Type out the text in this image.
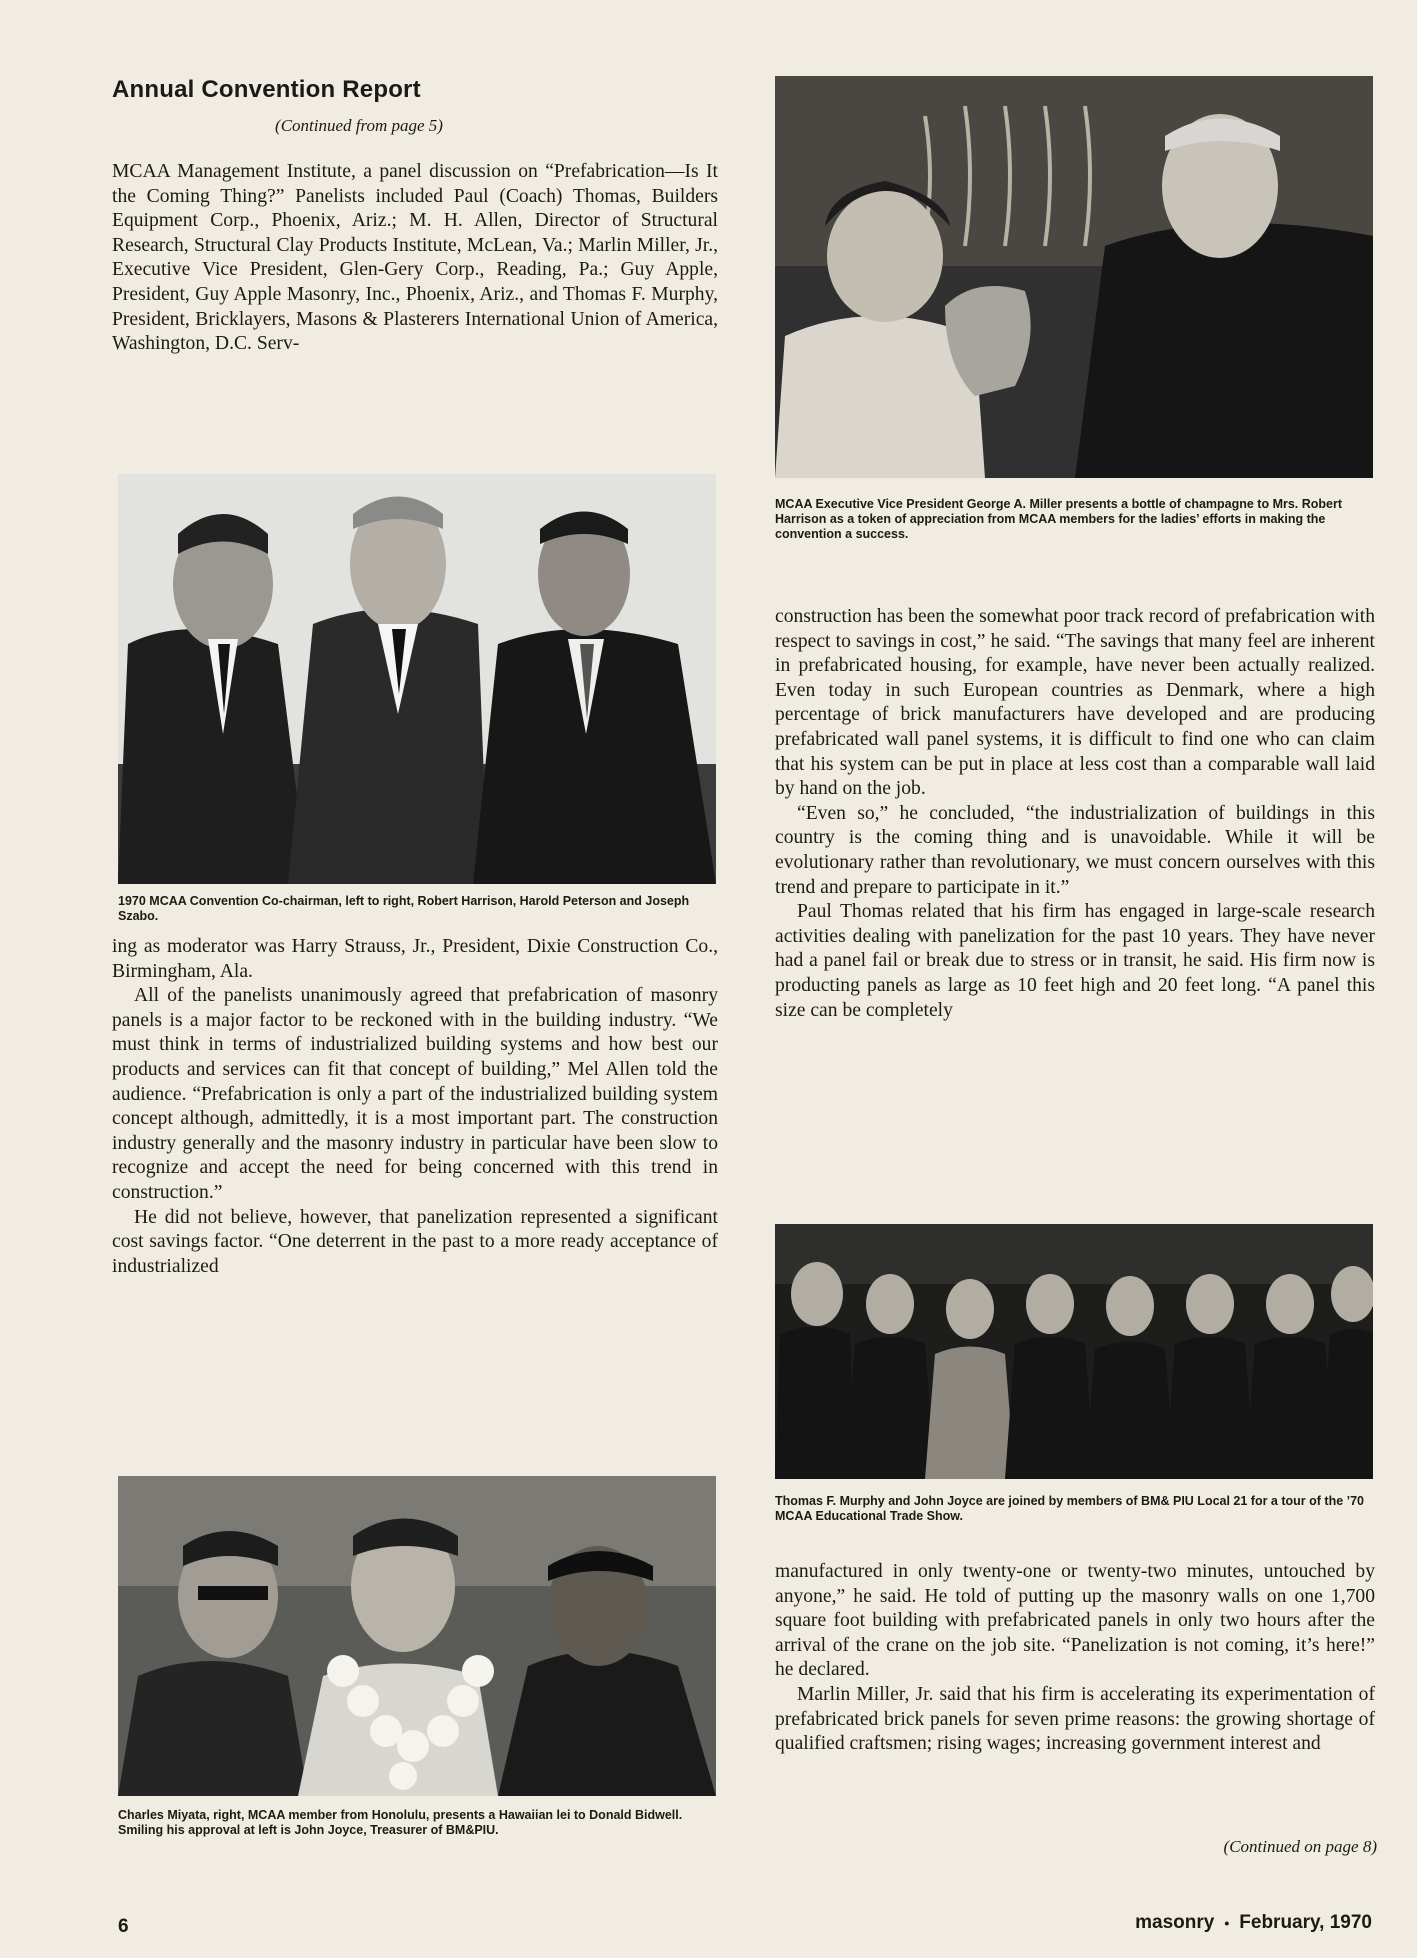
Annual Convention Report
(Continued from page 5)

MCAA Management Institute, a panel discussion on “Prefabrication—Is It the Coming Thing?” Panelists included Paul (Coach) Thomas, Builders Equipment Corp., Phoenix, Ariz.; M. H. Allen, Director of Structural Research, Structural Clay Products Institute, McLean, Va.; Marlin Miller, Jr., Executive Vice President, Glen-Gery Corp., Reading, Pa.; Guy Apple, President, Guy Apple Masonry, Inc., Phoenix, Ariz., and Thomas F. Murphy, President, Bricklayers, Masons & Plasterers International Union of America, Washington, D.C. Serv-

1970 MCAA Convention Co-chairman, left to right, Robert Harrison, Harold Peterson and Joseph Szabo.

ing as moderator was Harry Strauss, Jr., President, Dixie Construction Co., Birmingham, Ala.

All of the panelists unanimously agreed that prefabrication of masonry panels is a major factor to be reckoned with in the building industry. “We must think in terms of industrialized building systems and how best our products and services can fit that concept of building,” Mel Allen told the audience. “Prefabrication is only a part of the industrialized building system concept although, admittedly, it is a most important part. The construction industry generally and the masonry industry in particular have been slow to recognize and accept the need for being concerned with this trend in construction.”

He did not believe, however, that panelization represented a significant cost savings factor. “One deterrent in the past to a more ready acceptance of industrialized

Charles Miyata, right, MCAA member from Honolulu, presents a Hawaiian lei to Donald Bidwell. Smiling his approval at left is John Joyce, Treasurer of BM&PIU.
MCAA Executive Vice President George A. Miller presents a bottle of champagne to Mrs. Robert Harrison as a token of appreciation from MCAA members for the ladies’ efforts in making the convention a success.

construction has been the somewhat poor track record of prefabrication with respect to savings in cost,” he said. “The savings that many feel are inherent in prefabricated housing, for example, have never been actually realized. Even today in such European countries as Denmark, where a high percentage of brick manufacturers have developed and are producing prefabricated wall panel systems, it is difficult to find one who can claim that his system can be put in place at less cost than a comparable wall laid by hand on the job.

“Even so,” he concluded, “the industrialization of buildings in this country is the coming thing and is unavoidable. While it will be evolutionary rather than revolutionary, we must concern ourselves with this trend and prepare to participate in it.”

Paul Thomas related that his firm has engaged in large-scale research activities dealing with panelization for the past 10 years. They have never had a panel fail or break due to stress or in transit, he said. His firm now is producting panels as large as 10 feet high and 20 feet long. “A panel this size can be completely

Thomas F. Murphy and John Joyce are joined by members of BM& PIU Local 21 for a tour of the ’70 MCAA Educational Trade Show.

manufactured in only twenty-one or twenty-two minutes, untouched by anyone,” he said. He told of putting up the masonry walls on one 1,700 square foot building with prefabricated panels in only two hours after the arrival of the crane on the job site. “Panelization is not coming, it’s here!” he declared.

Marlin Miller, Jr. said that his firm is accelerating its experimentation of prefabricated brick panels for seven prime reasons: the growing shortage of qualified craftsmen; rising wages; increasing government interest and

(Continued on page 8)
6	masonry • February, 1970
